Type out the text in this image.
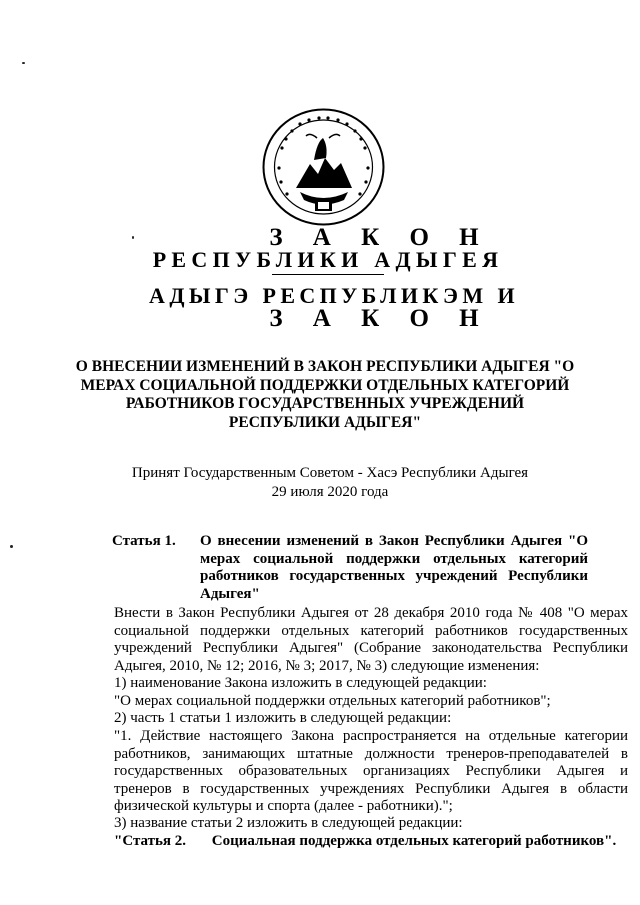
З А К О Н
РЕСПУБЛИКИ АДЫГЕЯ
АДЫГЭ РЕСПУБЛИКЭМ И
З А К О Н
О ВНЕСЕНИИ ИЗМЕНЕНИЙ В ЗАКОН РЕСПУБЛИКИ АДЫГЕЯ "О МЕРАХ СОЦИАЛЬНОЙ ПОДДЕРЖКИ ОТДЕЛЬНЫХ КАТЕГОРИЙ РАБОТНИКОВ ГОСУДАРСТВЕННЫХ УЧРЕЖДЕНИЙ РЕСПУБЛИКИ АДЫГЕЯ"
Принят Государственным Советом - Хасэ Республики Адыгея
29 июля 2020 года
Статья 1. О внесении изменений в Закон Республики Адыгея "О мерах социальной поддержки отдельных категорий работников государственных учреждений Республики Адыгея"
Внести в Закон Республики Адыгея от 28 декабря 2010 года № 408 "О мерах социальной поддержки отдельных категорий работников государственных учреждений Республики Адыгея" (Собрание законодательства Республики Адыгея, 2010, № 12; 2016, № 3; 2017, № 3) следующие изменения:
1) наименование Закона изложить в следующей редакции:
"О мерах социальной поддержки отдельных категорий работников";
2) часть 1 статьи 1 изложить в следующей редакции:
"1. Действие настоящего Закона распространяется на отдельные категории работников, занимающих штатные должности тренеров-преподавателей в государственных образовательных организациях Республики Адыгея и тренеров в государственных учреждениях Республики Адыгея в области физической культуры и спорта (далее - работники).";
3) название статьи 2 изложить в следующей редакции:
"Статья 2. Социальная поддержка отдельных категорий работников".
